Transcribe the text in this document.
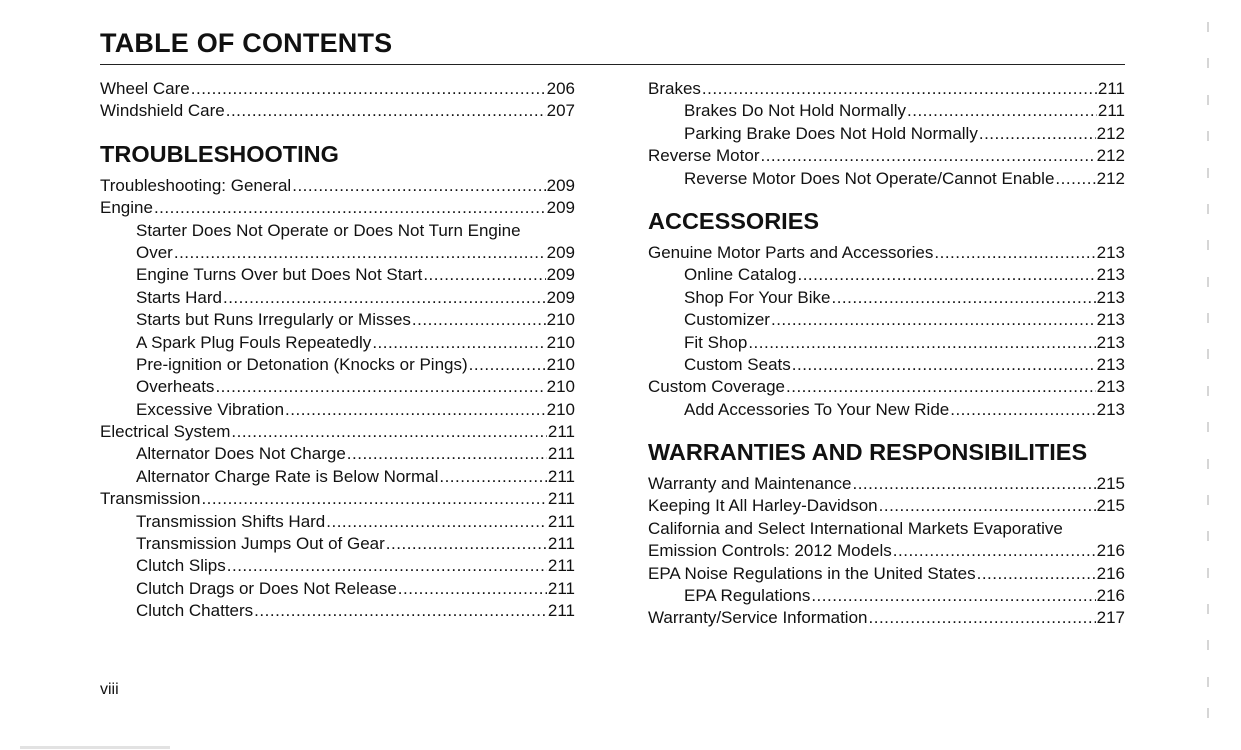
TABLE OF CONTENTS
Wheel Care .....	206
Windshield Care .....	207
TROUBLESHOOTING
Troubleshooting: General .....	209
Engine .....	209
Starter Does Not Operate or Does Not Turn Engine
Over .....	209
Engine Turns Over but Does Not Start .....	209
Starts Hard .....	209
Starts but Runs Irregularly or Misses .....	210
A Spark Plug Fouls Repeatedly .....	210
Pre-ignition or Detonation (Knocks or Pings) .....	210
Overheats .....	210
Excessive Vibration .....	210
Electrical System .....	211
Alternator Does Not Charge .....	211
Alternator Charge Rate is Below Normal .....	211
Transmission .....	211
Transmission Shifts Hard .....	211
Transmission Jumps Out of Gear .....	211
Clutch Slips .....	211
Clutch Drags or Does Not Release .....	211
Clutch Chatters .....	211
Brakes .....	211
Brakes Do Not Hold Normally .....	211
Parking Brake Does Not Hold Normally .....	212
Reverse Motor .....	212
Reverse Motor Does Not Operate/Cannot Enable ..... 212
ACCESSORIES
Genuine Motor Parts and Accessories .....	213
Online Catalog .....	213
Shop For Your Bike .....	213
Customizer .....	213
Fit Shop .....	213
Custom Seats .....	213
Custom Coverage .....	213
Add Accessories To Your New Ride .....	213
WARRANTIES AND RESPONSIBILITIES
Warranty and Maintenance .....	215
Keeping It All Harley-Davidson .....	215
California and Select International Markets Evaporative
Emission Controls: 2012 Models .....	216
EPA Noise Regulations in the United States .....	216
EPA Regulations .....	216
Warranty/Service Information .....	217
viii
